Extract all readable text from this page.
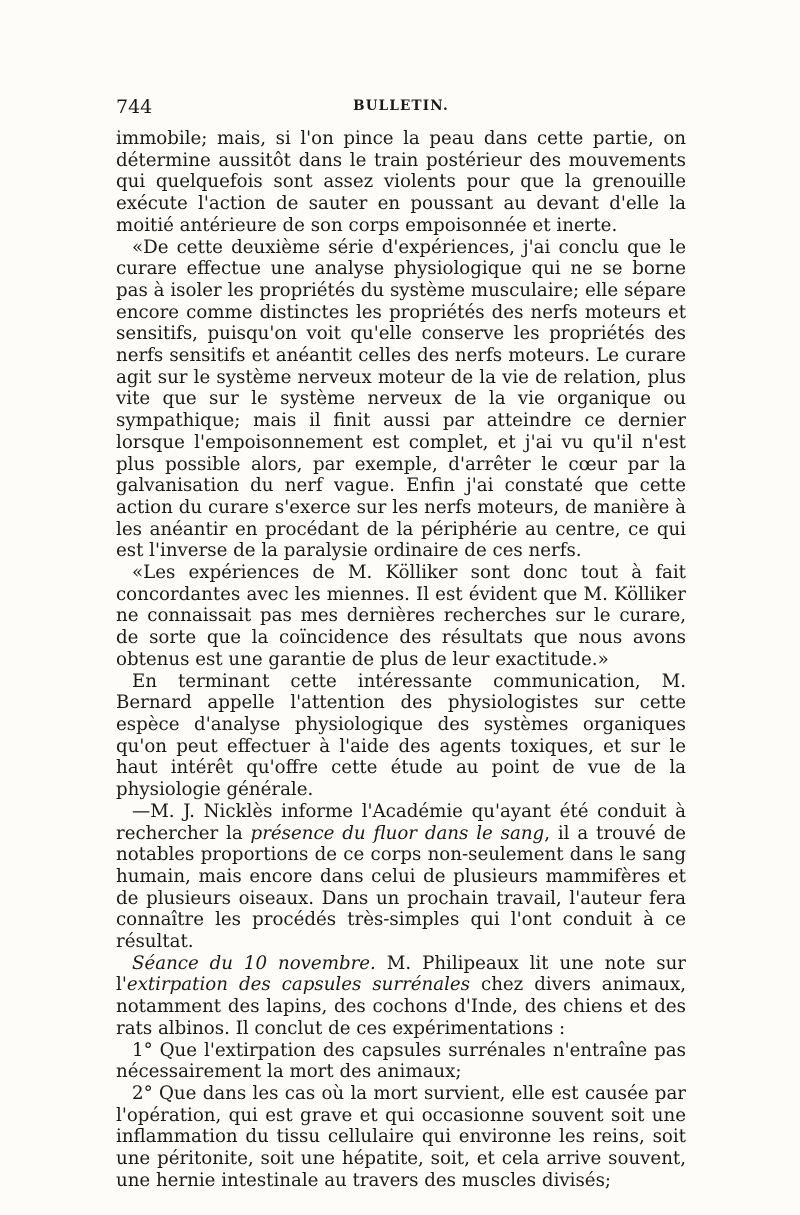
744	BULLETIN.

immobile; mais, si l'on pince la peau dans cette partie, on détermine aussitôt dans le train postérieur des mouvements qui quelquefois sont assez violents pour que la grenouille exécute l'action de sauter en poussant au devant d'elle la moitié antérieure de son corps empoisonnée et inerte.

«De cette deuxième série d'expériences, j'ai conclu que le curare effectue une analyse physiologique qui ne se borne pas à isoler les propriétés du système musculaire; elle sépare encore comme distinctes les propriétés des nerfs moteurs et sensitifs, puisqu'on voit qu'elle conserve les propriétés des nerfs sensitifs et anéantit celles des nerfs moteurs. Le curare agit sur le système nerveux moteur de la vie de relation, plus vite que sur le système nerveux de la vie organique ou sympathique; mais il finit aussi par atteindre ce dernier lorsque l'empoisonnement est complet, et j'ai vu qu'il n'est plus possible alors, par exemple, d'arrêter le cœur par la galvanisation du nerf vague. Enfin j'ai constaté que cette action du curare s'exerce sur les nerfs moteurs, de manière à les anéantir en procédant de la périphérie au centre, ce qui est l'inverse de la paralysie ordinaire de ces nerfs.

«Les expériences de M. Kölliker sont donc tout à fait concordantes avec les miennes. Il est évident que M. Kölliker ne connaissait pas mes dernières recherches sur le curare, de sorte que la coïncidence des résultats que nous avons obtenus est une garantie de plus de leur exactitude.»

En terminant cette intéressante communication, M. Bernard appelle l'attention des physiologistes sur cette espèce d'analyse physiologique des systèmes organiques qu'on peut effectuer à l'aide des agents toxiques, et sur le haut intérêt qu'offre cette étude au point de vue de la physiologie générale.

—M. J. Nicklès informe l'Académie qu'ayant été conduit à rechercher la présence du fluor dans le sang, il a trouvé de notables proportions de ce corps non-seulement dans le sang humain, mais encore dans celui de plusieurs mammifères et de plusieurs oiseaux. Dans un prochain travail, l'auteur fera connaître les procédés très-simples qui l'ont conduit à ce résultat.

Séance du 10 novembre. M. Philipeaux lit une note sur l'extirpation des capsules surrénales chez divers animaux, notamment des lapins, des cochons d'Inde, des chiens et des rats albinos. Il conclut de ces expérimentations :

1° Que l'extirpation des capsules surrénales n'entraîne pas nécessairement la mort des animaux;

2° Que dans les cas où la mort survient, elle est causée par l'opération, qui est grave et qui occasionne souvent soit une inflammation du tissu cellulaire qui environne les reins, soit une péritonite, soit une hépatite, soit, et cela arrive souvent, une hernie intestinale au travers des muscles divisés;
